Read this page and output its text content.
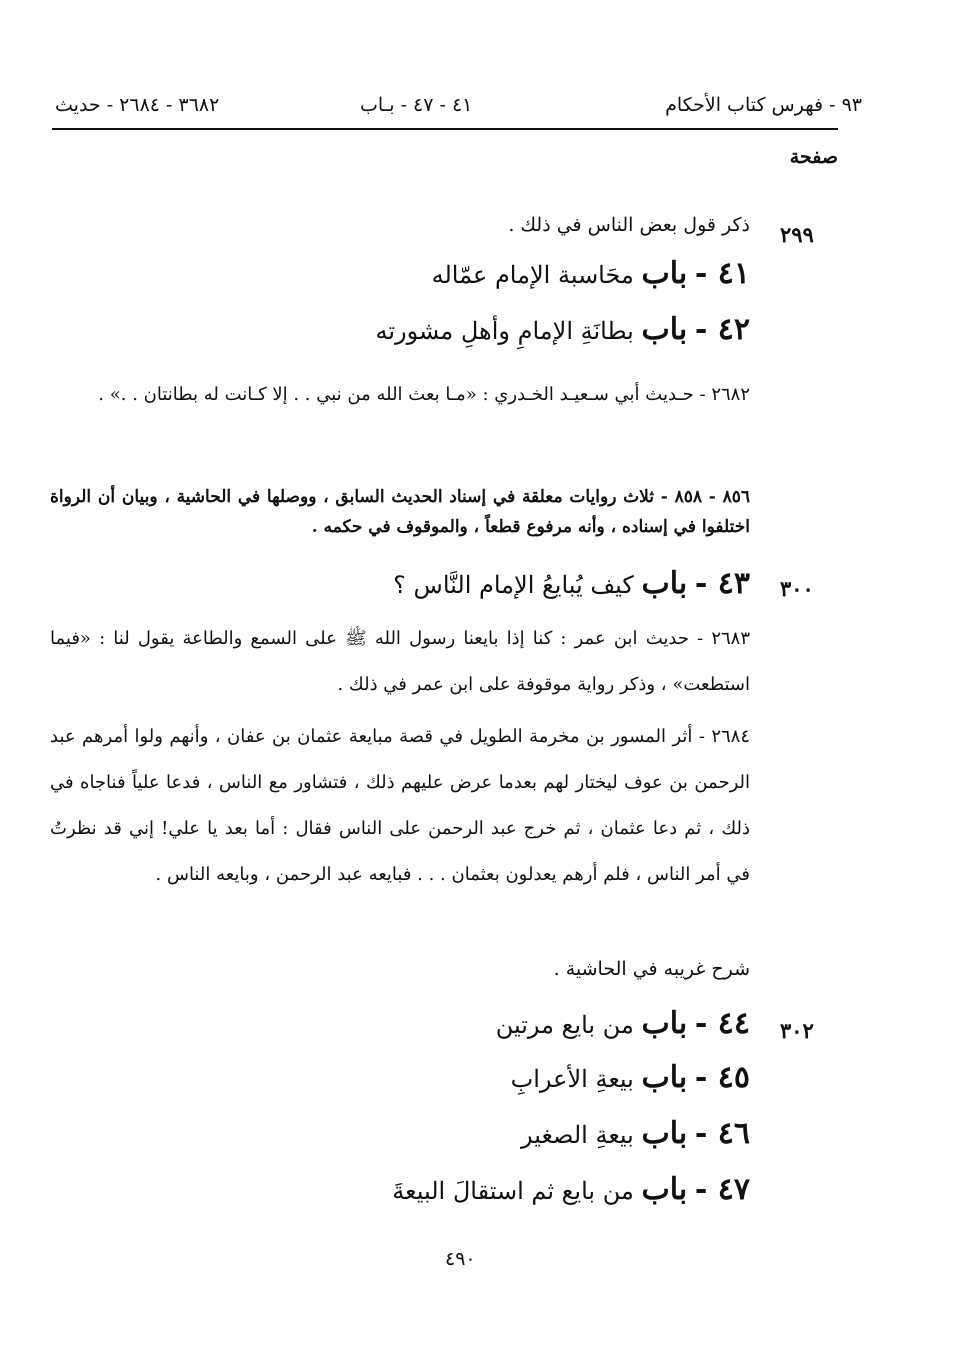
٩٣ - فهرس كتاب الأحكام
٤١ - ٤٧ - بـاب
٣٦٨٢ - ٢٦٨٤ - حديث
صفحة
٢٩٩
ذكر قول بعض الناس في ذلك .
٤١ - باب محَاسبة الإمام عمّاله
٤٢ - باب بطانَةِ الإمامِ وأهلِ مشورته
٢٦٨٢ - حـديث أبي سـعيـد الخـدري : «مـا بعث الله من نبي . . إلا كـانت له بطانتان . .» .
٨٥٦ - ٨٥٨ - ثلاث روايات معلقة في إسناد الحديث السابق ، ووصلها في الحاشية ، وبيان أن الرواة اختلفوا في إسناده ، وأنه مرفوع قطعاً ، والموقوف في حكمه .
٣٠٠
٤٣ - باب كيف يُبايعُ الإمام النَّاس ؟
٢٦٨٣ - حديث ابن عمر : كنا إذا بايعنا رسول الله ﷺ على السمع والطاعة يقول لنا : «فيما استطعت» ، وذكر رواية موقوفة على ابن عمر في ذلك .
٢٦٨٤ - أثر المسور بن مخرمة الطويل في قصة مبايعة عثمان بن عفان ، وأنهم ولوا أمرهم عبد الرحمن بن عوف ليختار لهم بعدما عرض عليهم ذلك ، فتشاور مع الناس ، فدعا علياً فناجاه في ذلك ، ثم دعا عثمان ، ثم خرج عبد الرحمن على الناس فقال : أما بعد يا علي! إني قد نظرتُ في أمر الناس ، فلم أرهم يعدلون بعثمان . . . فبايعه عبد الرحمن ، وبايعه الناس .
شرح غريبه في الحاشية .
٣٠٢
٤٤ - باب من بايع مرتين
٤٥ - باب بيعةِ الأعرابِ
٤٦ - باب بيعةِ الصغير
٤٧ - باب من بايع ثم استقالَ البيعةَ
٤٩٠
